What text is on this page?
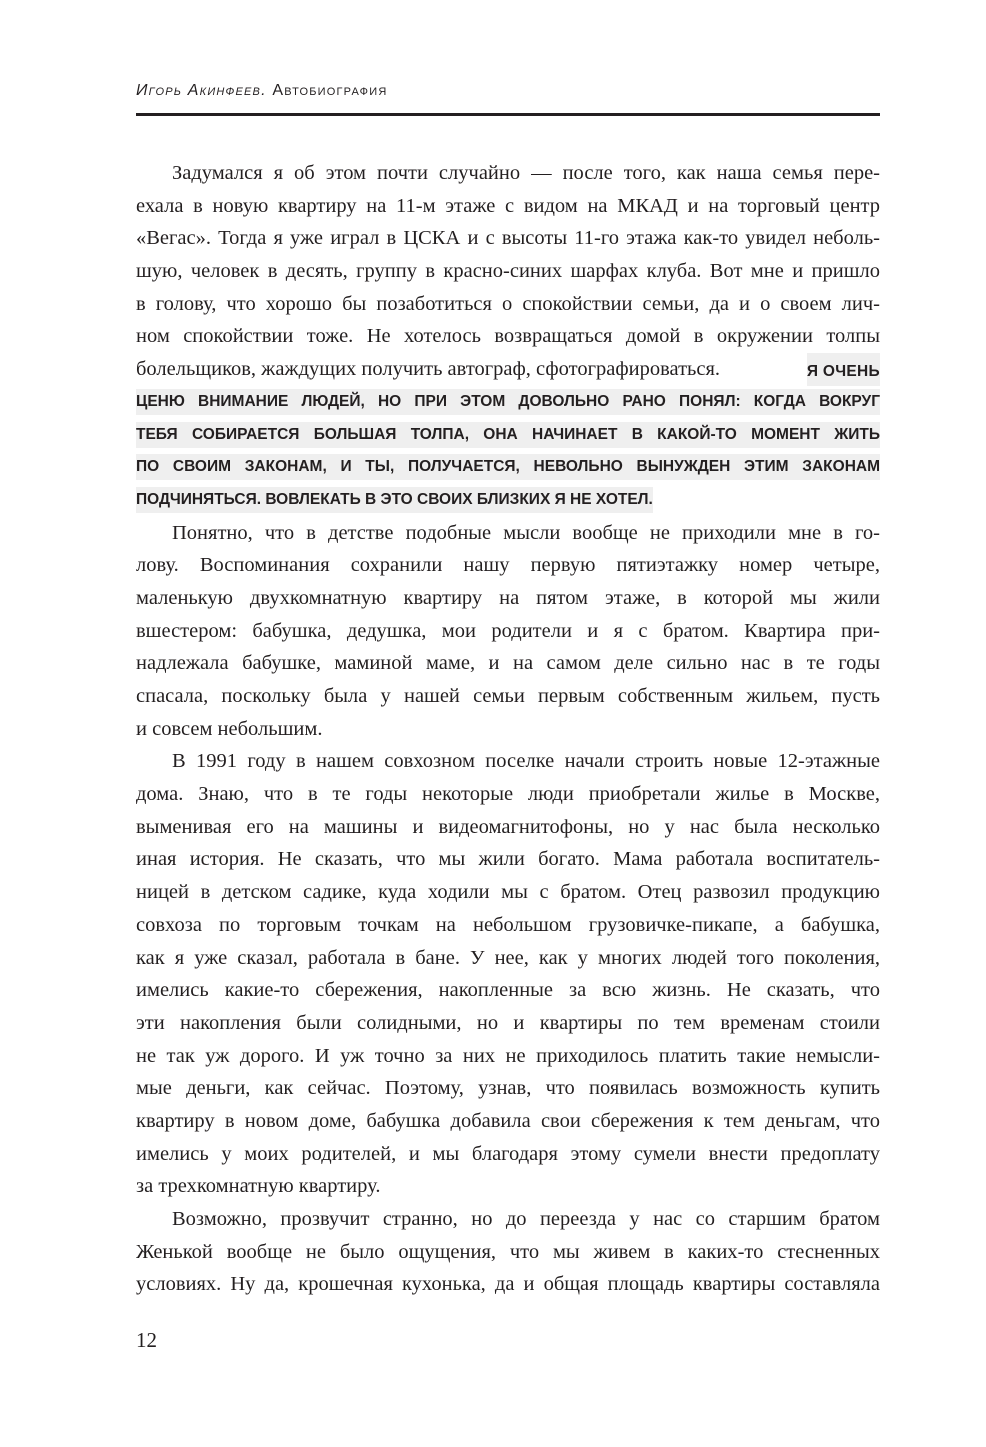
Игорь Акинфеев. Автобиография
Задумался я об этом почти случайно — после того, как наша семья пере-
ехала в новую квартиру на 11-м этаже с видом на МКАД и на торговый центр
«Вегас». Тогда я уже играл в ЦСКА и с высоты 11-го этажа как-то увидел неболь-
шую, человек в десять, группу в красно-синих шарфах клуба. Вот мне и пришло
в голову, что хорошо бы позаботиться о спокойствии семьи, да и о своем лич-
ном спокойствии тоже. Не хотелось возвращаться домой в окружении толпы
болельщиков, жаждущих получить автограф, сфотографироваться.	Я ОЧЕНЬ
ЦЕНЮ ВНИМАНИЕ ЛЮДЕЙ, НО ПРИ ЭТОМ ДОВОЛЬНО РАНО ПОНЯЛ: КОГДА ВОКРУГ
ТЕБЯ СОБИРАЕТСЯ БОЛЬШАЯ ТОЛПА, ОНА НАЧИНАЕТ В КАКОЙ-ТО МОМЕНТ ЖИТЬ
ПО СВОИМ ЗАКОНАМ, И ТЫ, ПОЛУЧАЕТСЯ, НЕВОЛЬНО ВЫНУЖДЕН ЭТИМ ЗАКОНАМ
ПОДЧИНЯТЬСЯ. ВОВЛЕКАТЬ В ЭТО СВОИХ БЛИЗКИХ Я НЕ ХОТЕЛ.
Понятно, что в детстве подобные мысли вообще не приходили мне в го-
лову. Воспоминания сохранили нашу первую пятиэтажку номер четыре,
маленькую двухкомнатную квартиру на пятом этаже, в которой мы жили
вшестером: бабушка, дедушка, мои родители и я с братом. Квартира при-
надлежала бабушке, маминой маме, и на самом деле сильно нас в те годы
спасала, поскольку была у нашей семьи первым собственным жильем, пусть
и совсем небольшим.
В 1991 году в нашем совхозном поселке начали строить новые 12-этажные
дома. Знаю, что в те годы некоторые люди приобретали жилье в Москве,
выменивая его на машины и видеомагнитофоны, но у нас была несколько
иная история. Не сказать, что мы жили богато. Мама работала воспитатель-
ницей в детском садике, куда ходили мы с братом. Отец развозил продукцию
совхоза по торговым точкам на небольшом грузовичке-пикапе, а бабушка,
как я уже сказал, работала в бане. У нее, как у многих людей того поколения,
имелись какие-то сбережения, накопленные за всю жизнь. Не сказать, что
эти накопления были солидными, но и квартиры по тем временам стоили
не так уж дорого. И уж точно за них не приходилось платить такие немысли-
мые деньги, как сейчас. Поэтому, узнав, что появилась возможность купить
квартиру в новом доме, бабушка добавила свои сбережения к тем деньгам, что
имелись у моих родителей, и мы благодаря этому сумели внести предоплату
за трехкомнатную квартиру.
Возможно, прозвучит странно, но до переезда у нас со старшим братом
Женькой вообще не было ощущения, что мы живем в каких-то стесненных
условиях. Ну да, крошечная кухонька, да и общая площадь квартиры составляла
12
